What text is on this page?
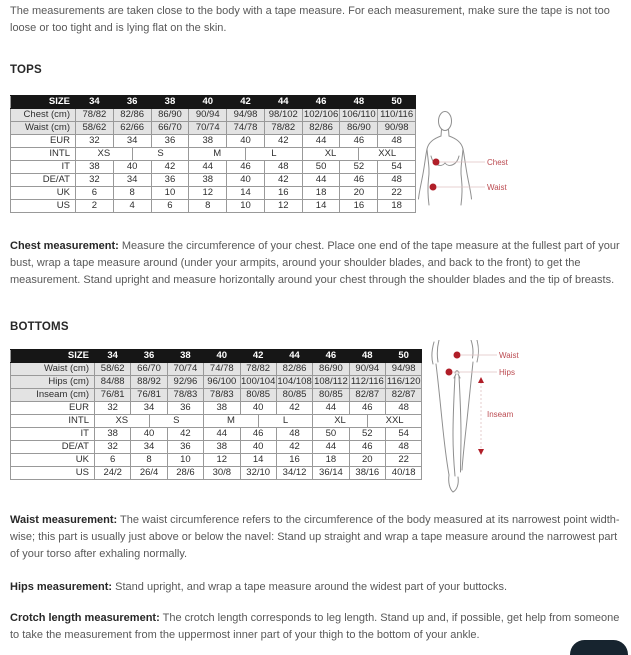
The measurements are taken close to the body with a tape measure. For each measurement, make sure the tape is not too loose or too tight and is lying flat on the skin.

TOPS
SIZE	34	36		38	40	42		44	46	48		50
Chest (cm)	78/82	82/86		86/90	90/94	94/98		98/102	102/106	106/110		110/116
Waist (cm)	58/62	62/66		66/70	70/74	74/78		78/82	82/86	86/90		90/98
EUR	32	34		36	38	40		42	44	46		48
INTL	XS		S		M		L		XL		XXL	
IT	38	40		42	44	46		48	50	52		54
DE/AT	32	34		36	38	40		42	44	46		48
UK	6	8		10	12	14		16	18	20		22
US	2	4		6	8	10		12	14	16		18
Chest
Waist

Chest measurement: Measure the circumference of your chest. Place one end of the tape measure at the fullest part of your bust, wrap a tape measure around (under your armpits, around your shoulder blades, and back to the front) to get the measurement. Stand upright and measure horizontally around your chest through the shoulder blades and the tip of breasts.

BOTTOMS
SIZE	34	36		38	40	42		44	46	48		50
Waist (cm)	58/62	66/70		70/74	74/78	78/82		82/86	86/90	90/94		94/98
Hips (cm)	84/88	88/92		92/96	96/100	100/104		104/108	108/112	112/116		116/120
Inseam (cm)	76/81	76/81		78/83	78/83	80/85		80/85	80/85	82/87		82/87
EUR	32	34		36	38	40		42	44	46		48
INTL	XS		S		M		L		XL		XXL	
IT	38	40		42	44	46		48	50	52		54
DE/AT	32	34		36	38	40		42	44	46		48
UK	6	8		10	12	14		16	18	20		22
US	24/2	26/4		28/6	30/8	32/10		34/12	36/14	38/16		40/18
Waist
Hips
Inseam

Waist measurement: The waist circumference refers to the circumference of the body measured at its narrowest point width-wise; this part is usually just above or below the navel: Stand up straight and wrap a tape measure around the narrowest part of your torso after exhaling normally.

Hips measurement: Stand upright, and wrap a tape measure around the widest part of your buttocks.

Crotch length measurement: The crotch length corresponds to leg length. Stand up and, if possible, get help from someone to take the measurement from the uppermost inner part of your thigh to the bottom of your ankle.
